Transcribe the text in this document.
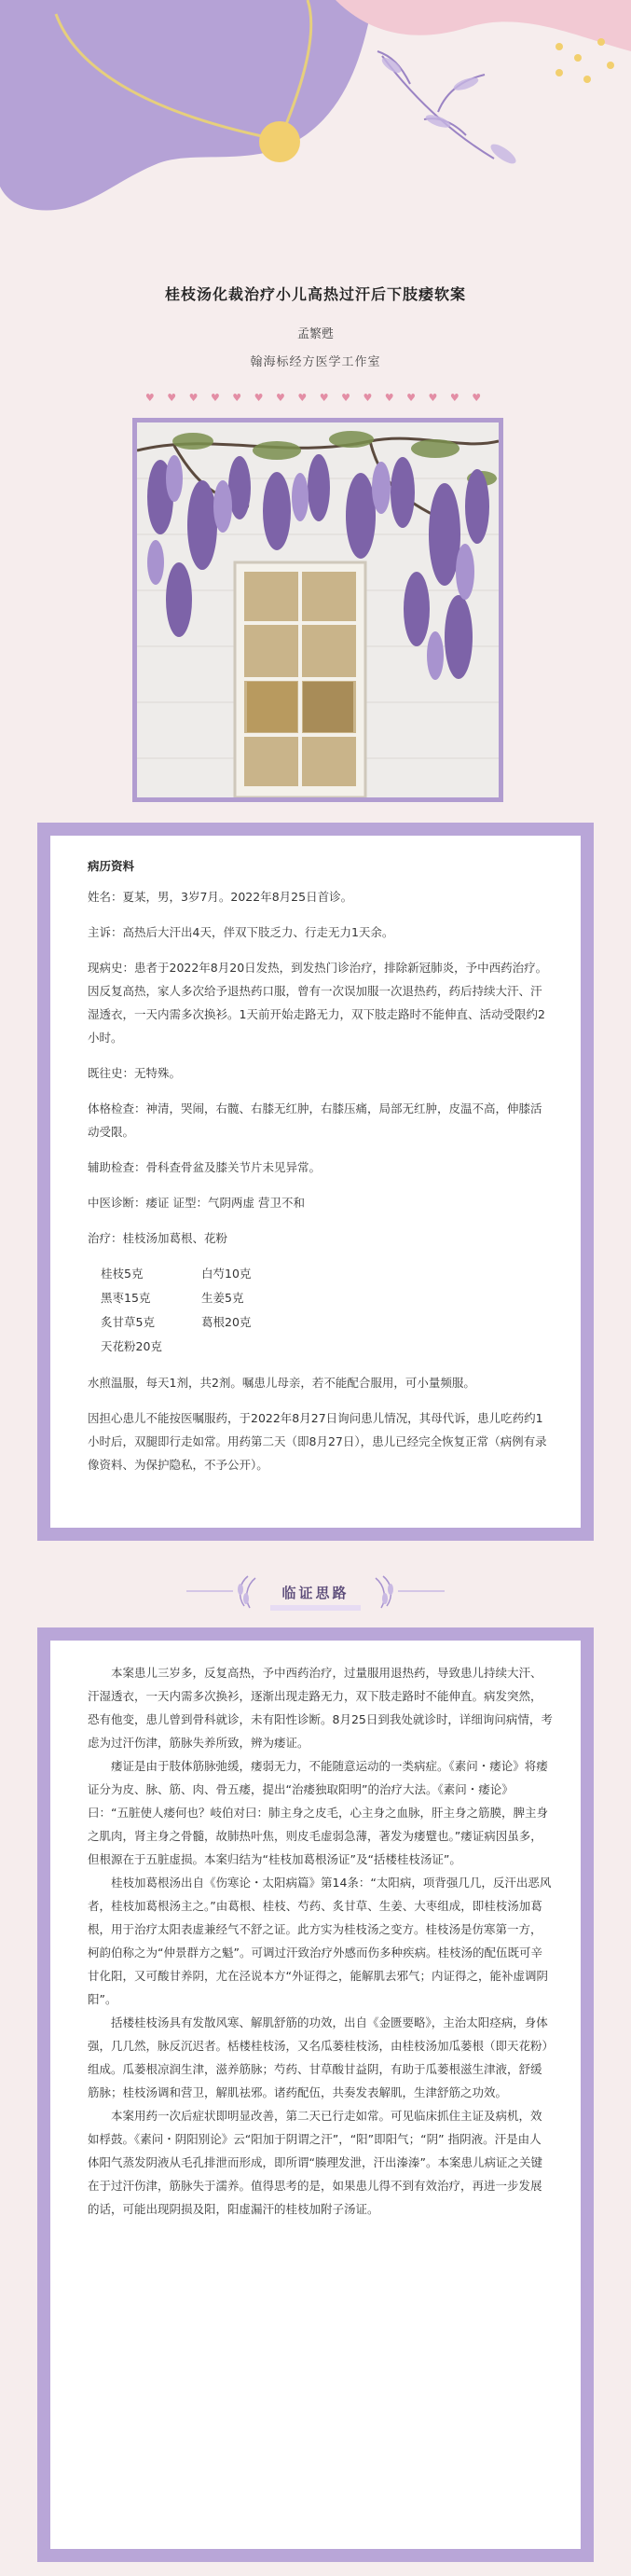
桂枝汤化裁治疗小儿高热过汗后下肢痿软案
孟繁甦
翰海标经方医学工作室
♥ ♥ ♥ ♥ ♥ ♥ ♥ ♥ ♥ ♥ ♥ ♥ ♥ ♥ ♥ ♥

病历资料

姓名：夏某，男，3岁7月。2022年8月25日首诊。

主诉：高热后大汗出4天，伴双下肢乏力、行走无力1天余。

现病史：患者于2022年8月20日发热，到发热门诊治疗，排除新冠肺炎，予中西药治疗。因反复高热，家人多次给予退热药口服，曾有一次误加服一次退热药，药后持续大汗、汗湿透衣，一天内需多次换衫。1天前开始走路无力，双下肢走路时不能伸直、活动受限约2小时。

既往史：无特殊。

体格检查：神清，哭闹，右髋、右膝无红肿，右膝压痛，局部无红肿，皮温不高，伸膝活动受限。

辅助检查：骨科查骨盆及膝关节片未见异常。

中医诊断：痿证 证型：气阴两虚 营卫不和

治疗：桂枝汤加葛根、花粉

桂枝5克	白芍10克
黑枣15克	生姜5克
炙甘草5克	葛根20克
天花粉20克

水煎温服，每天1剂，共2剂。嘱患儿母亲，若不能配合服用，可小量频服。

因担心患儿不能按医嘱服药，于2022年8月27日询问患儿情况，其母代诉，患儿吃药约1小时后，双腿即行走如常。用药第二天（即8月27日），患儿已经完全恢复正常（病例有录像资料、为保护隐私，不予公开）。

临证思路

本案患儿三岁多，反复高热，予中西药治疗，过量服用退热药，导致患儿持续大汗、汗湿透衣，一天内需多次换衫，逐渐出现走路无力，双下肢走路时不能伸直。病发突然，恐有他变，患儿曾到骨科就诊，未有阳性诊断。8月25日到我处就诊时，详细询问病情，考虑为过汗伤津，筋脉失养所致，辨为痿证。

痿证是由于肢体筋脉弛缓，痿弱无力，不能随意运动的一类病症。《素问・痿论》将痿证分为皮、脉、筋、肉、骨五痿，提出“治痿独取阳明”的治疗大法。《素问・痿论》曰：“五脏使人痿何也？岐伯对曰：肺主身之皮毛，心主身之血脉，肝主身之筋膜，脾主身之肌肉，肾主身之骨髓，故肺热叶焦，则皮毛虚弱急薄，著发为痿躄也。”痿证病因虽多，但根源在于五脏虚损。本案归结为“桂枝加葛根汤证”及“括楼桂枝汤证”。

桂枝加葛根汤出自《伤寒论・太阳病篇》第14条：“太阳病，项背强几几，反汗出恶风者，桂枝加葛根汤主之。”由葛根、桂枝、芍药、炙甘草、生姜、大枣组成，即桂枝汤加葛根，用于治疗太阳表虚兼经气不舒之证。此方实为桂枝汤之变方。桂枝汤是仿寒第一方，柯韵伯称之为“仲景群方之魁”。可调过汗致治疗外感而伤多种疾病。桂枝汤的配伍既可辛甘化阳，又可酸甘养阴，尤在泾说本方“外证得之，能解肌去邪气；内证得之，能补虚调阴阳”。

括楼桂枝汤具有发散风寒、解肌舒筋的功效，出自《金匮要略》，主治太阳痉病，身体强，几几然，脉反沉迟者。栝楼桂枝汤，又名瓜蒌桂枝汤，由桂枝汤加瓜蒌根（即天花粉）组成。瓜蒌根凉润生津，滋养筋脉；芍药、甘草酸甘益阴，有助于瓜蒌根滋生津液，舒缓筋脉；桂枝汤调和营卫，解肌祛邪。诸药配伍，共奏发表解肌，生津舒筋之功效。

本案用药一次后症状即明显改善，第二天已行走如常。可见临床抓住主证及病机，效如桴鼓。《素问・阴阳别论》云“阳加于阴谓之汗”，“阳”即阳气；“阴” 指阴液。汗是由人体阳气蒸发阴液从毛孔排泄而形成，即所谓“腠理发泄，汗出溱溱”。本案患儿病证之关键在于过汗伤津，筋脉失于濡养。值得思考的是，如果患儿得不到有效治疗，再进一步发展的话，可能出现阴损及阳，阳虚漏汗的桂枝加附子汤证。
